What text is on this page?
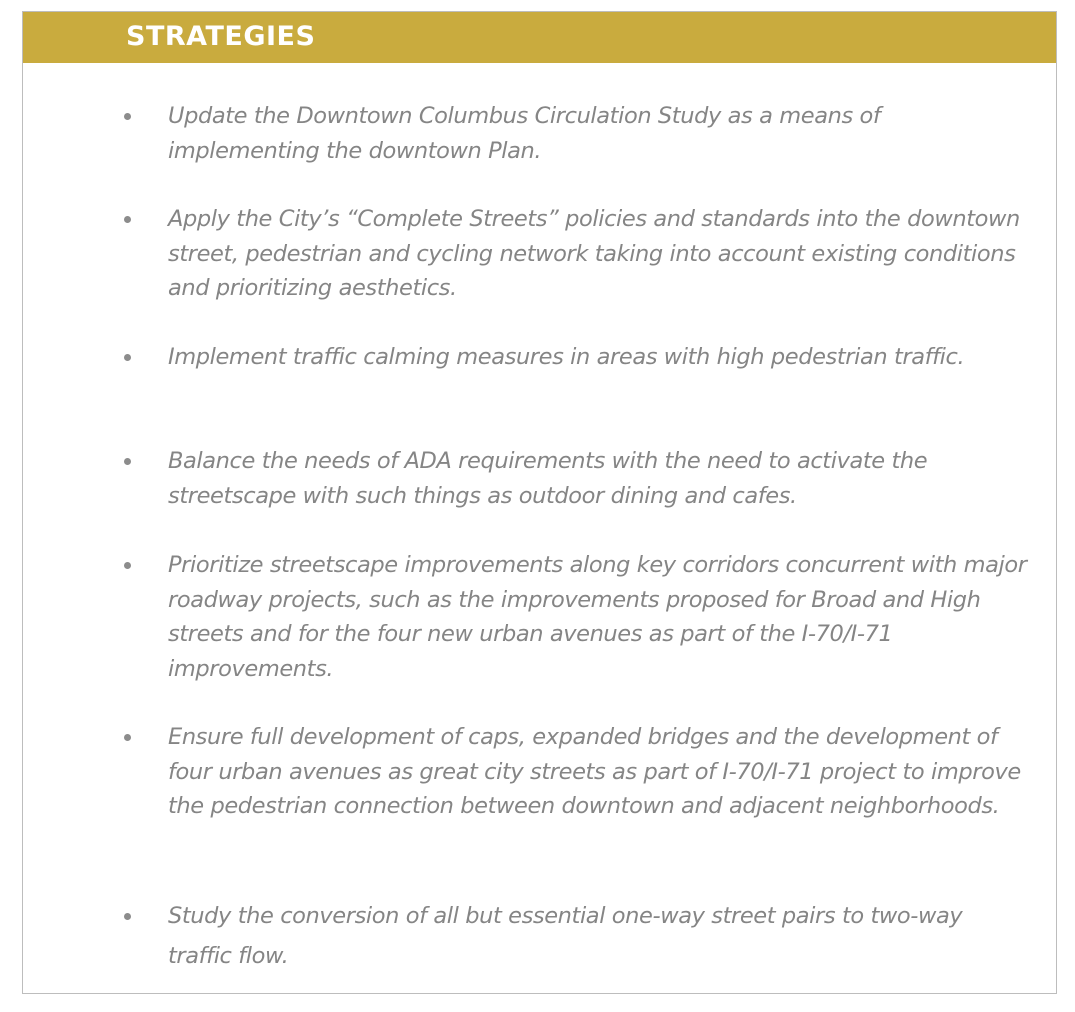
STRATEGIES
Update the Downtown Columbus Circulation Study as a means of implementing the downtown Plan.
Apply the City’s “Complete Streets” policies and standards into the downtown street, pedestrian and cycling network taking into account existing conditions and prioritizing aesthetics.
Implement traffic calming measures in areas with high pedestrian traffic.
Balance the needs of ADA requirements with the need to activate the streetscape with such things as outdoor dining and cafes.
Prioritize streetscape improvements along key corridors concurrent with major roadway projects, such as the improvements proposed for Broad and High streets and for the four new urban avenues as part of the I-70/I-71 improvements.
Ensure full development of caps, expanded bridges and the development of four urban avenues as great city streets as part of I-70/I-71 project to improve the pedestrian connection between downtown and adjacent neighborhoods.
Study the conversion of all but essential one-way street pairs to two-way traffic flow.
